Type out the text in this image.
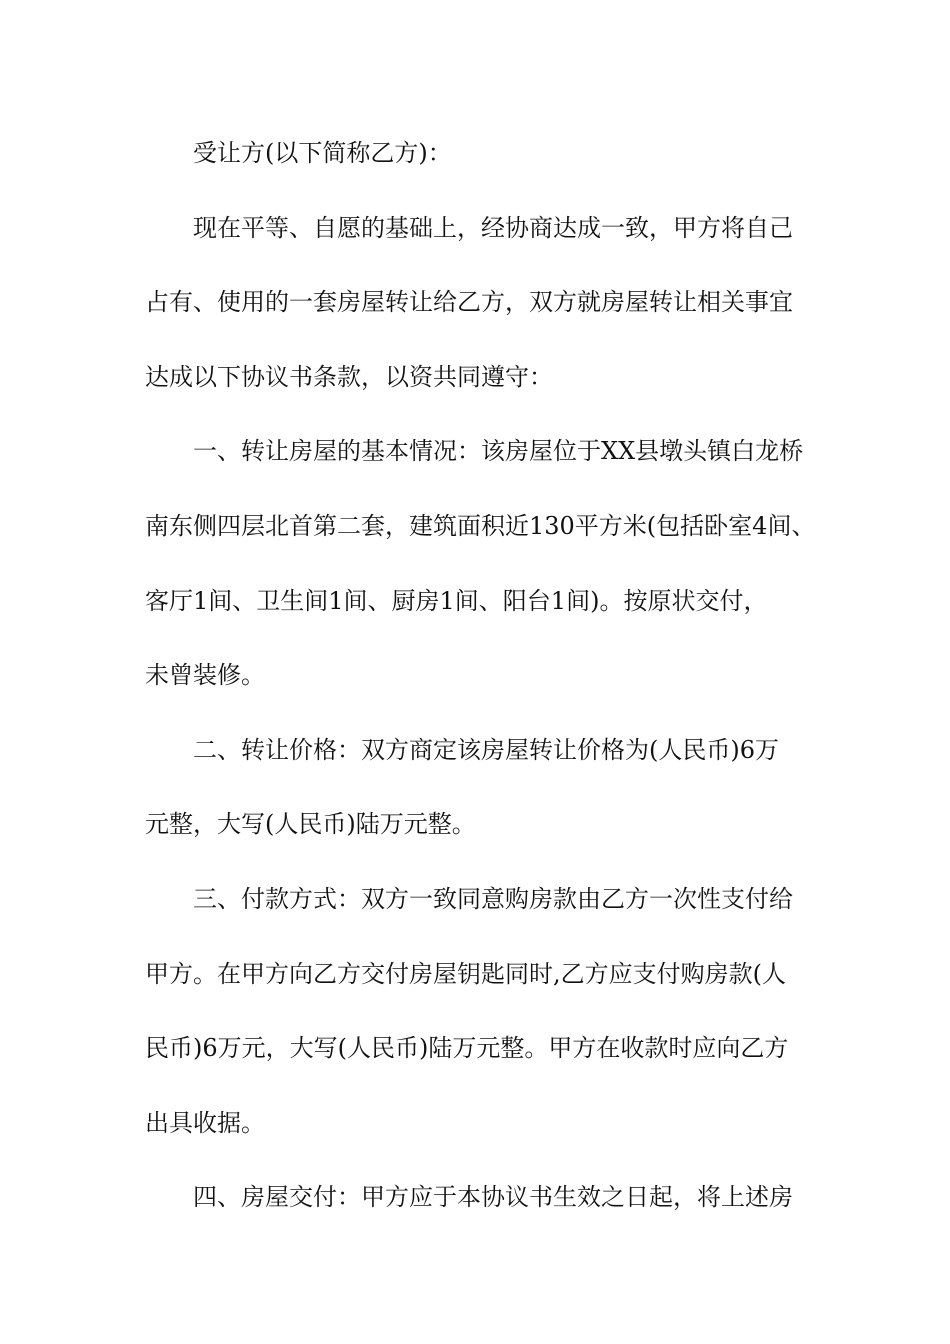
受让方(以下简称乙方)：

现在平等、自愿的基础上，经协商达成一致，甲方将自己

占有、使用的一套房屋转让给乙方，双方就房屋转让相关事宜

达成以下协议书条款，以资共同遵守：

一、转让房屋的基本情况：该房屋位于XX县墩头镇白龙桥

南东侧四层北首第二套，建筑面积近130平方米(包括卧室4间、

客厅1间、卫生间1间、厨房1间、阳台1间)。按原状交付，

未曾装修。

二、转让价格：双方商定该房屋转让价格为(人民币)6万

元整，大写(人民币)陆万元整。

三、付款方式：双方一致同意购房款由乙方一次性支付给

甲方。在甲方向乙方交付房屋钥匙同时,乙方应支付购房款(人

民币)6万元，大写(人民币)陆万元整。甲方在收款时应向乙方

出具收据。

四、房屋交付：甲方应于本协议书生效之日起，将上述房
